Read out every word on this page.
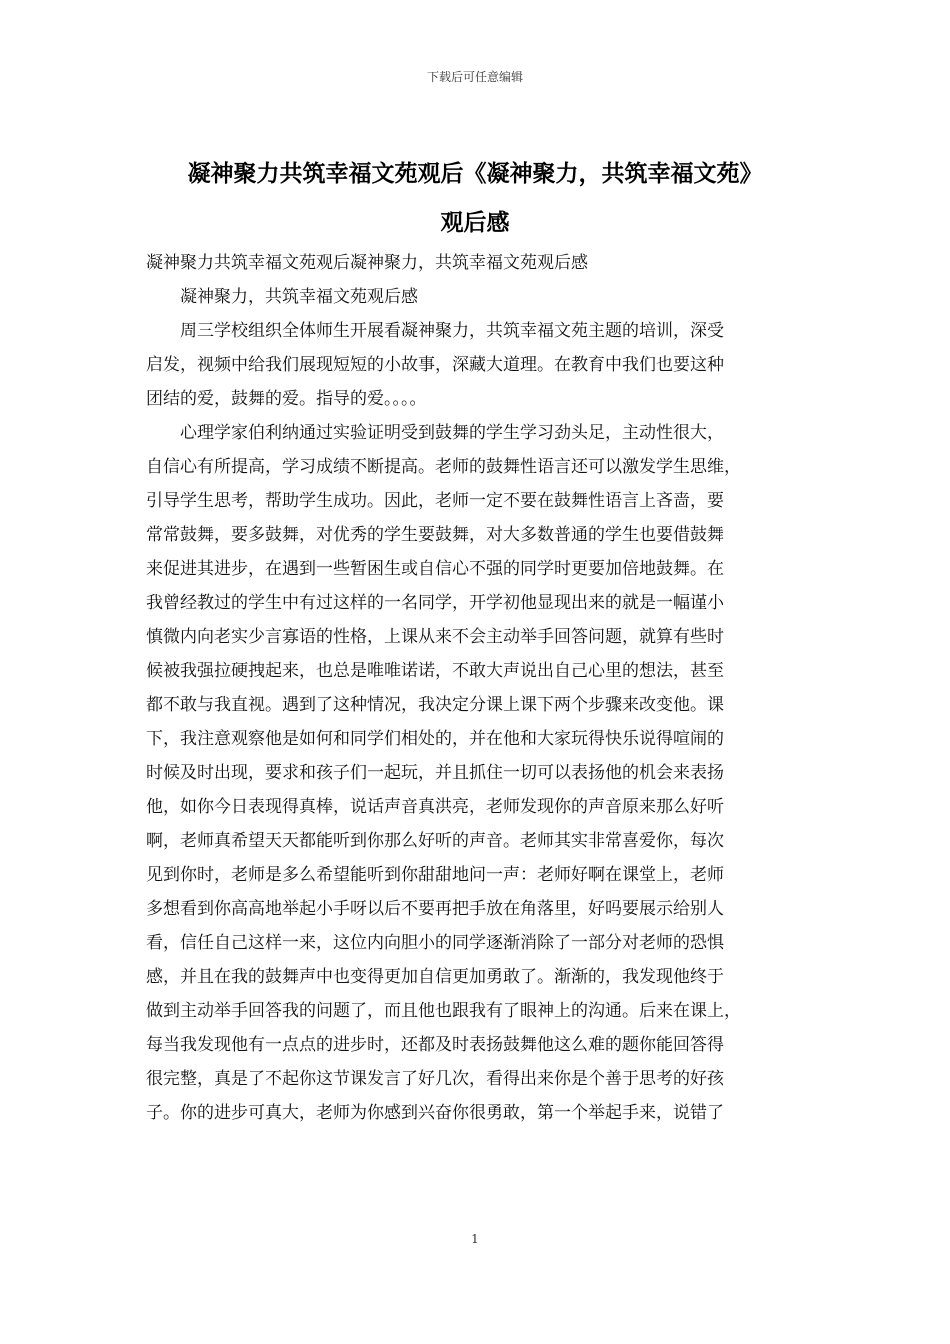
下载后可任意编辑
凝神聚力共筑幸福文苑观后《凝神聚力，共筑幸福文苑》
观后感
凝神聚力共筑幸福文苑观后凝神聚力，共筑幸福文苑观后感
　　凝神聚力，共筑幸福文苑观后感
　　周三学校组织全体师生开展看凝神聚力，共筑幸福文苑主题的培训，深受
启发，视频中给我们展现短短的小故事，深藏大道理。在教育中我们也要这种
团结的爱，鼓舞的爱。指导的爱。。。。
　　心理学家伯利纳通过实验证明受到鼓舞的学生学习劲头足，主动性很大，
自信心有所提高，学习成绩不断提高。老师的鼓舞性语言还可以激发学生思维，
引导学生思考，帮助学生成功。因此，老师一定不要在鼓舞性语言上吝啬，要
常常鼓舞，要多鼓舞，对优秀的学生要鼓舞，对大多数普通的学生也要借鼓舞
来促进其进步，在遇到一些暂困生或自信心不强的同学时更要加倍地鼓舞。在
我曾经教过的学生中有过这样的一名同学，开学初他显现出来的就是一幅谨小
慎微内向老实少言寡语的性格，上课从来不会主动举手回答问题，就算有些时
候被我强拉硬拽起来，也总是唯唯诺诺，不敢大声说出自己心里的想法，甚至
都不敢与我直视。遇到了这种情况，我决定分课上课下两个步骤来改变他。课
下，我注意观察他是如何和同学们相处的，并在他和大家玩得快乐说得喧闹的
时候及时出现，要求和孩子们一起玩，并且抓住一切可以表扬他的机会来表扬
他，如你今日表现得真棒，说话声音真洪亮，老师发现你的声音原来那么好听
啊，老师真希望天天都能听到你那么好听的声音。老师其实非常喜爱你，每次
见到你时，老师是多么希望能听到你甜甜地问一声：老师好啊在课堂上，老师
多想看到你高高地举起小手呀以后不要再把手放在角落里，好吗要展示给别人
看，信任自己这样一来，这位内向胆小的同学逐渐消除了一部分对老师的恐惧
感，并且在我的鼓舞声中也变得更加自信更加勇敢了。渐渐的，我发现他终于
做到主动举手回答我的问题了，而且他也跟我有了眼神上的沟通。后来在课上，
每当我发现他有一点点的进步时，还都及时表扬鼓舞他这么难的题你能回答得
很完整，真是了不起你这节课发言了好几次，看得出来你是个善于思考的好孩
子。你的进步可真大，老师为你感到兴奋你很勇敢，第一个举起手来，说错了
1
